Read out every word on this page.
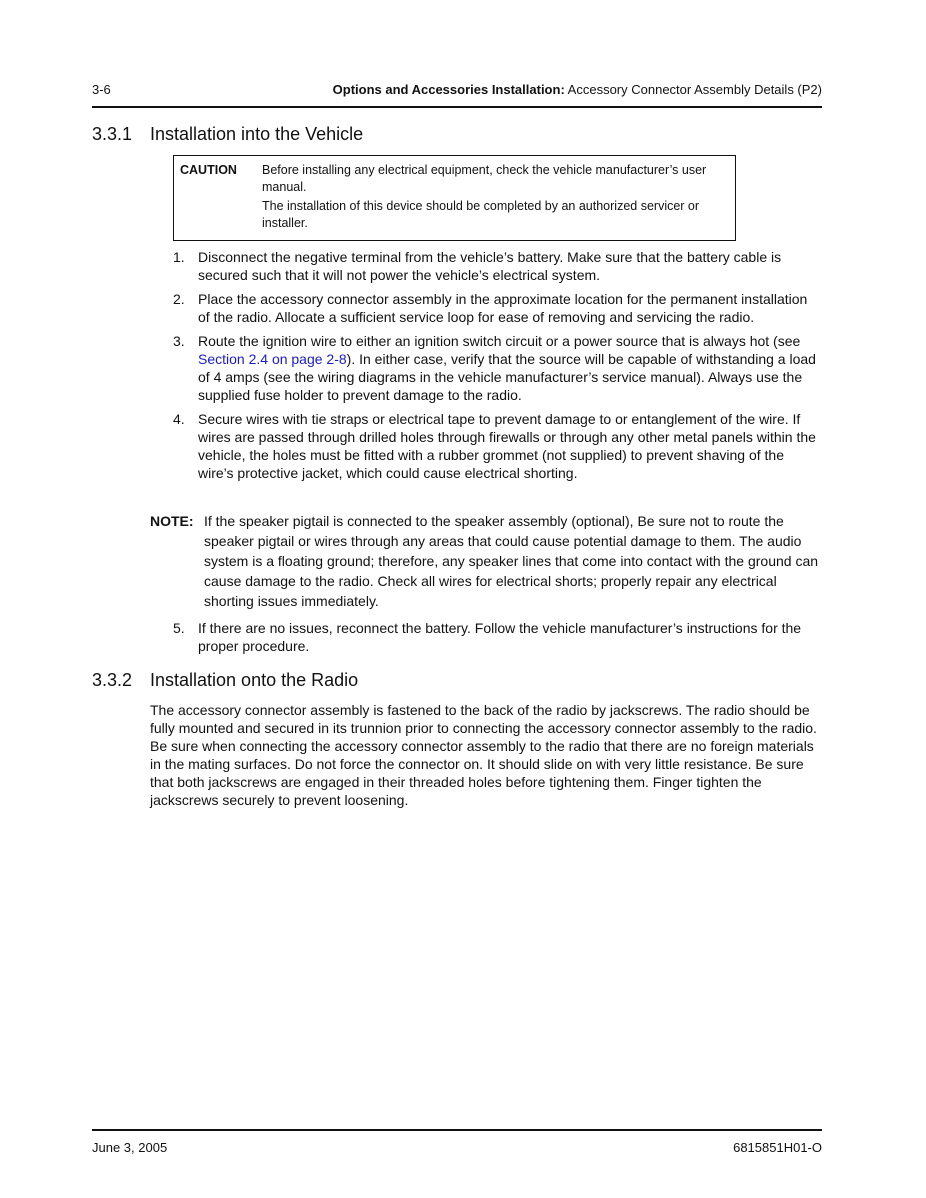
3-6	Options and Accessories Installation: Accessory Connector Assembly Details (P2)
3.3.1 Installation into the Vehicle
CAUTION Before installing any electrical equipment, check the vehicle manufacturer’s user manual.

The installation of this device should be completed by an authorized servicer or installer.

1. Disconnect the negative terminal from the vehicle’s battery. Make sure that the battery cable is secured such that it will not power the vehicle’s electrical system.
2. Place the accessory connector assembly in the approximate location for the permanent installation of the radio. Allocate a sufficient service loop for ease of removing and servicing the radio.
3. Route the ignition wire to either an ignition switch circuit or a power source that is always hot (see Section 2.4 on page 2-8). In either case, verify that the source will be capable of withstanding a load of 4 amps (see the wiring diagrams in the vehicle manufacturer’s service manual). Always use the supplied fuse holder to prevent damage to the radio.
4. Secure wires with tie straps or electrical tape to prevent damage to or entanglement of the wire. If wires are passed through drilled holes through firewalls or through any other metal panels within the vehicle, the holes must be fitted with a rubber grommet (not supplied) to prevent shaving of the wire’s protective jacket, which could cause electrical shorting.
NOTE: If the speaker pigtail is connected to the speaker assembly (optional), Be sure not to route the speaker pigtail or wires through any areas that could cause potential damage to them. The audio system is a floating ground; therefore, any speaker lines that come into contact with the ground can cause damage to the radio. Check all wires for electrical shorts; properly repair any electrical shorting issues immediately.
5. If there are no issues, reconnect the battery. Follow the vehicle manufacturer’s instructions for the proper procedure.
3.3.2 Installation onto the Radio
The accessory connector assembly is fastened to the back of the radio by jackscrews. The radio should be fully mounted and secured in its trunnion prior to connecting the accessory connector assembly to the radio. Be sure when connecting the accessory connector assembly to the radio that there are no foreign materials in the mating surfaces. Do not force the connector on. It should slide on with very little resistance. Be sure that both jackscrews are engaged in their threaded holes before tightening them. Finger tighten the jackscrews securely to prevent loosening.
June 3, 2005	6815851H01-O
